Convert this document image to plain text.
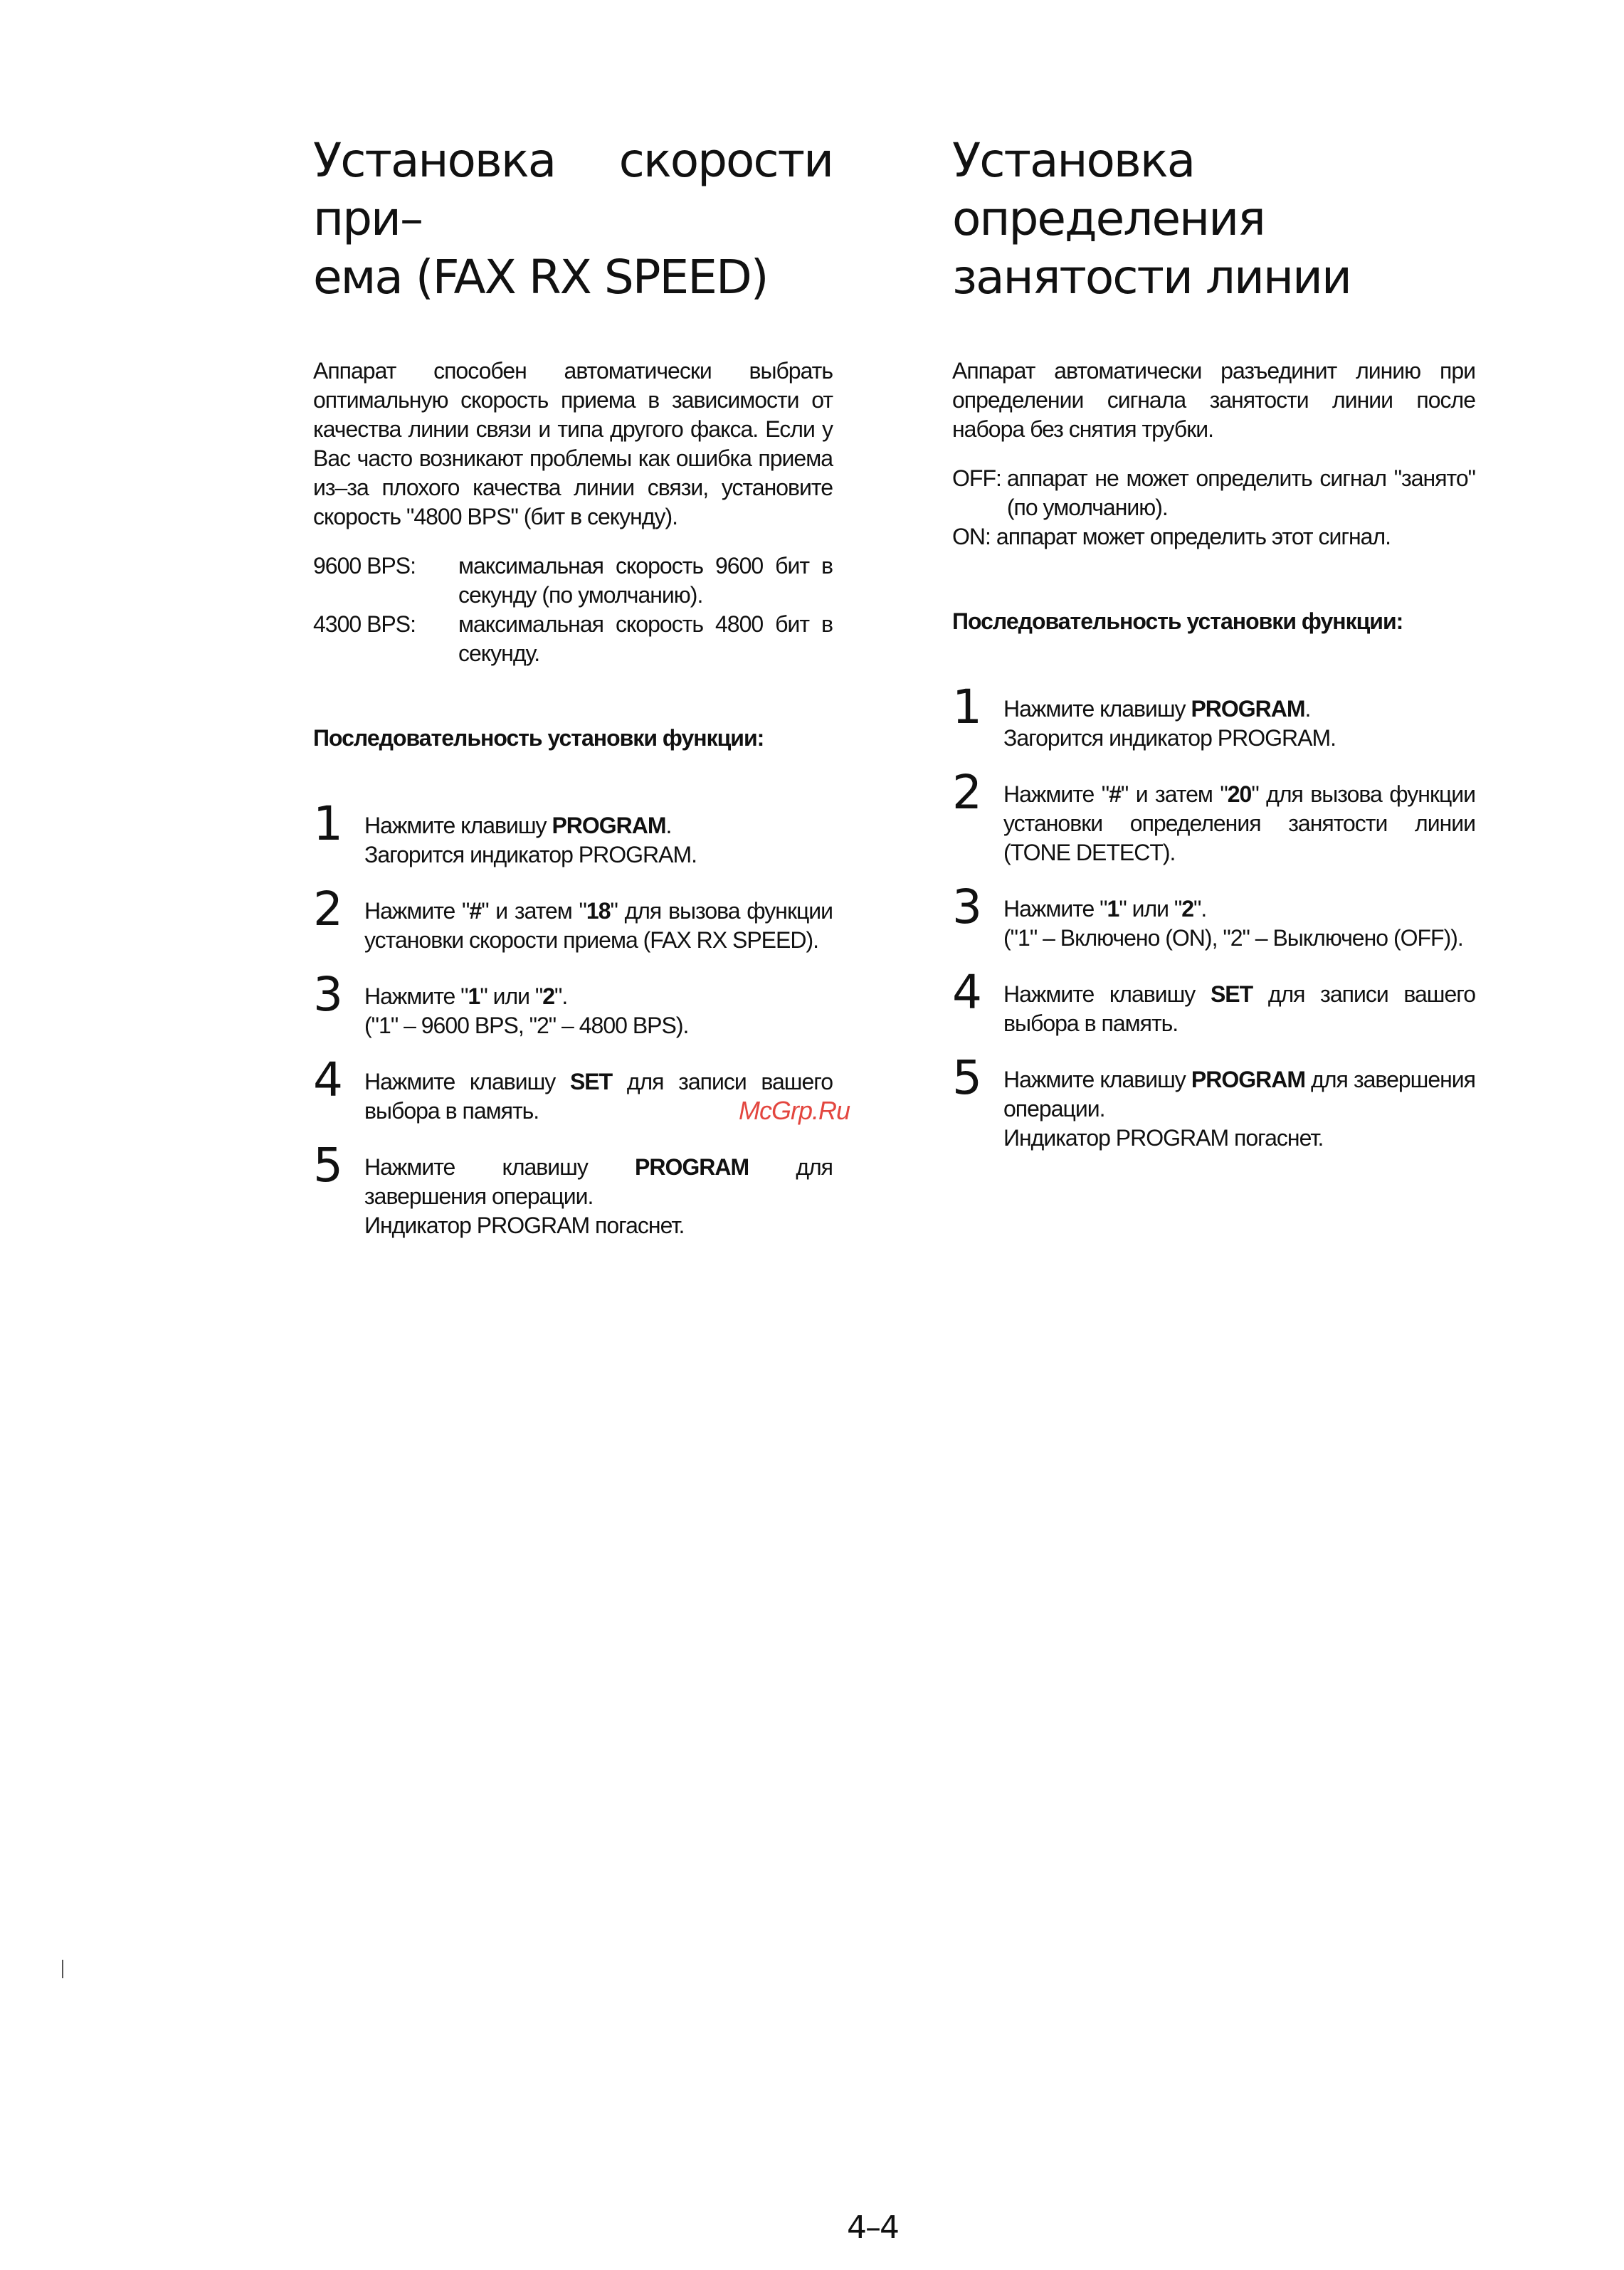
Установка скорости при–
ема (FAX RX SPEED)

Аппарат способен автоматически выбрать оптимальную скорость приема в зависимости от качества линии связи и типа другого факса. Если у Вас часто возникают проблемы как ошибка приема из–за плохого качества линии связи, установите скорость "4800 BPS" (бит в секунду).

9600 BPS:	максимальная скорость 9600 бит в секунду (по умолчанию).
4300 BPS:	максимальная скорость 4800 бит в секунду.

Последовательность установки функции:

1 Нажмите клавишу PROGRAM.
Загорится индикатор PROGRAM.
2 Нажмите "#" и затем "18" для вызова функции установки скорости приема (FAX RX SPEED).
3 Нажмите "1" или "2".
("1" – 9600 BPS, "2" – 4800 BPS).
4 Нажмите клавишу SET для записи вашего выбора в память.
5 Нажмите клавишу PROGRAM для завершения операции.
Индикатор PROGRAM погаснет.
Установка определения
занятости линии

Аппарат автоматически разъединит линию при определении сигнала занятости линии после набора без снятия трубки.

OFF: аппарат не может определить сигнал "занято" (по умолчанию).
ON: аппарат может определить этот сигнал.

Последовательность установки функции:

1 Нажмите клавишу PROGRAM.
Загорится индикатор PROGRAM.
2 Нажмите "#" и затем "20" для вызова функции установки определения занятости линии (TONE DETECT).
3 Нажмите "1" или "2".
("1" – Включено (ON), "2" – Выключено (OFF)).
4 Нажмите клавишу SET для записи вашего выбора в память.
5 Нажмите клавишу PROGRAM для завершения операции.
Индикатор PROGRAM погаснет.
McGrp.Ru
4–4
